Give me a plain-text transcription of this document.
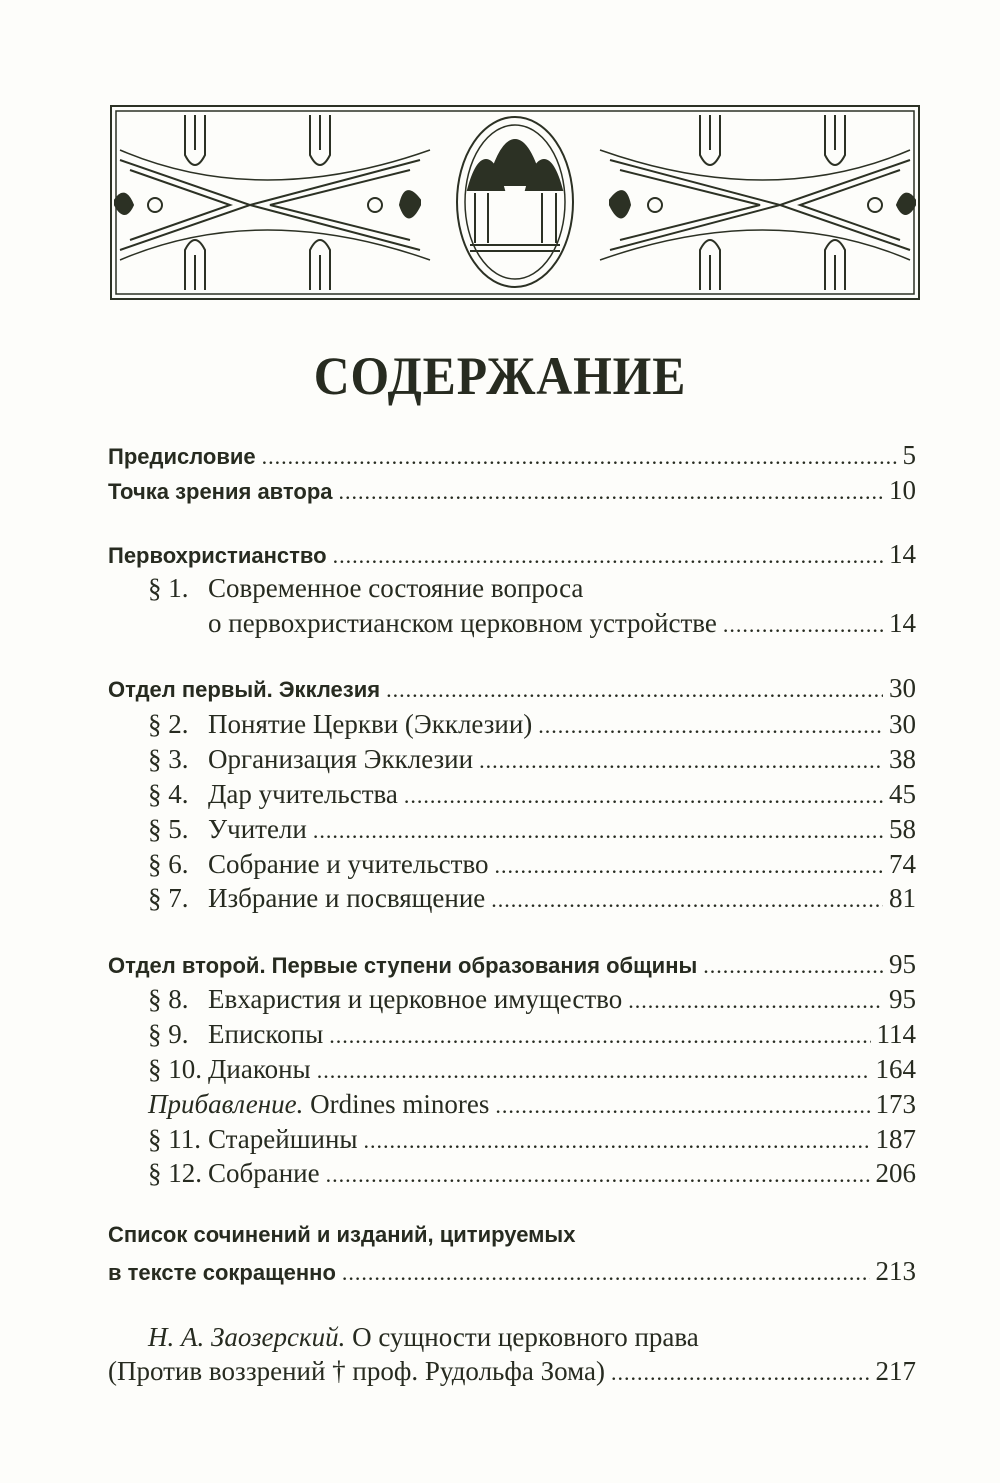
СОДЕРЖАНИЕ
Предисловие .....	5
Точка зрения автора .....	10
Первохристианство .....	14
§ 1. Современное состояние вопроса
о первохристианском церковном устройстве .....	14
Отдел первый. Экклезия .....	30
§ 2. Понятие Церкви (Экклезии) .....	30
§ 3. Организация Экклезии .....	38
§ 4. Дар учительства .....	45
§ 5. Учители .....	58
§ 6. Собрание и учительство .....	74
§ 7. Избрание и посвящение .....	81
Отдел второй. Первые ступени образования общины .....	95
§ 8. Евхаристия и церковное имущество .....	95
§ 9. Епископы .....	114
§ 10. Диаконы .....	164
Прибавление.
Ordines minores .....	173
§ 11. Старейшины .....	187
§ 12. Собрание .....	206
Список сочинений и изданий, цитируемых
в тексте сокращенно .....	213
Н. А. Заозерский.
О сущности церковного права
(Против воззрений † проф. Рудольфа Зома) .....	217
